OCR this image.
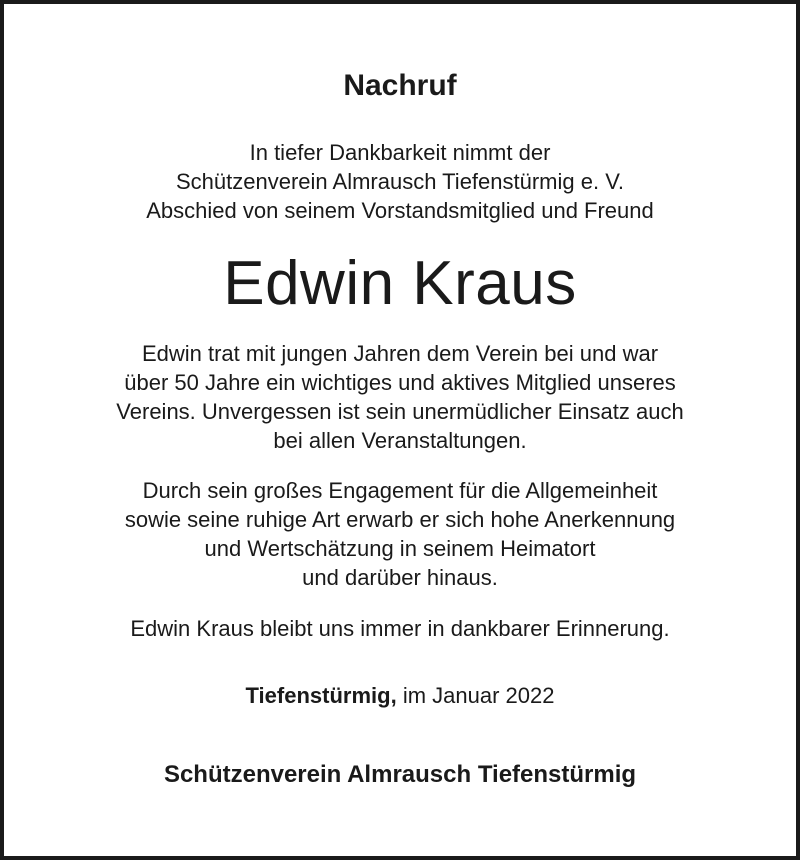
Nachruf
In tiefer Dankbarkeit nimmt der
Schützenverein Almrausch Tiefenstürmig e. V.
Abschied von seinem Vorstandsmitglied und Freund
Edwin Kraus
Edwin trat mit jungen Jahren dem Verein bei und war
über 50 Jahre ein wichtiges und aktives Mitglied unseres
Vereins. Unvergessen ist sein unermüdlicher Einsatz auch
bei allen Veranstaltungen.
Durch sein großes Engagement für die Allgemeinheit
sowie seine ruhige Art erwarb er sich hohe Anerkennung
und Wertschätzung in seinem Heimatort
und darüber hinaus.
Edwin Kraus bleibt uns immer in dankbarer Erinnerung.
Tiefenstürmig, im Januar 2022
Schützenverein Almrausch Tiefenstürmig
